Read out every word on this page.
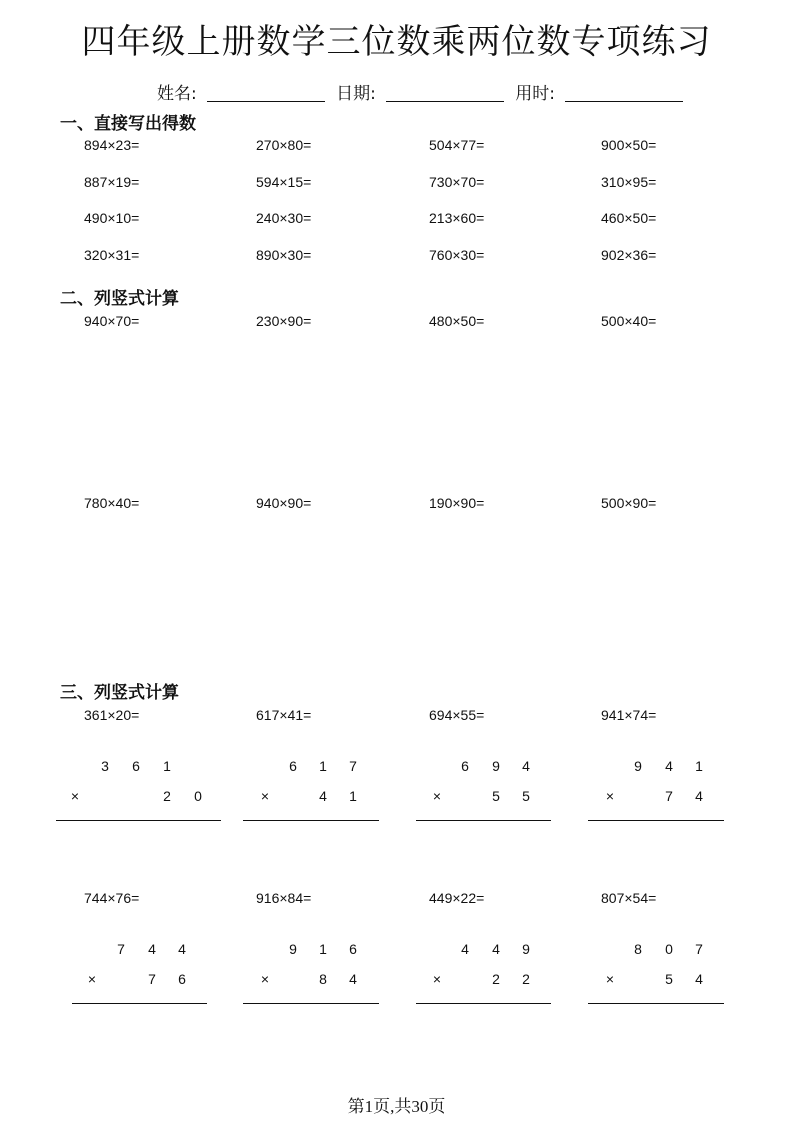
四年级上册数学三位数乘两位数专项练习
姓名:	日期:	用时:
一、直接写出得数
894×23=	270×80=	504×77=	900×50=
887×19=	594×15=	730×70=	310×95=
490×10=	240×30=	213×60=	460×50=
320×31=	890×30=	760×30=	902×36=
二、列竖式计算
940×70=	230×90=	480×50=	500×40=
780×40=	940×90=	190×90=	500×90=
三、列竖式计算
361×20=
3 6 1
×	2 0
617×41=
6 1 7
×	4 1
694×55=
6 9 4
×	5 5
941×74=
9 4 1
×	7 4
744×76=
7 4 4
×	7 6
916×84=
9 1 6
×	8 4
449×22=
4 4 9
×	2 2
807×54=
8 0 7
×	5 4
第1页,共30页
